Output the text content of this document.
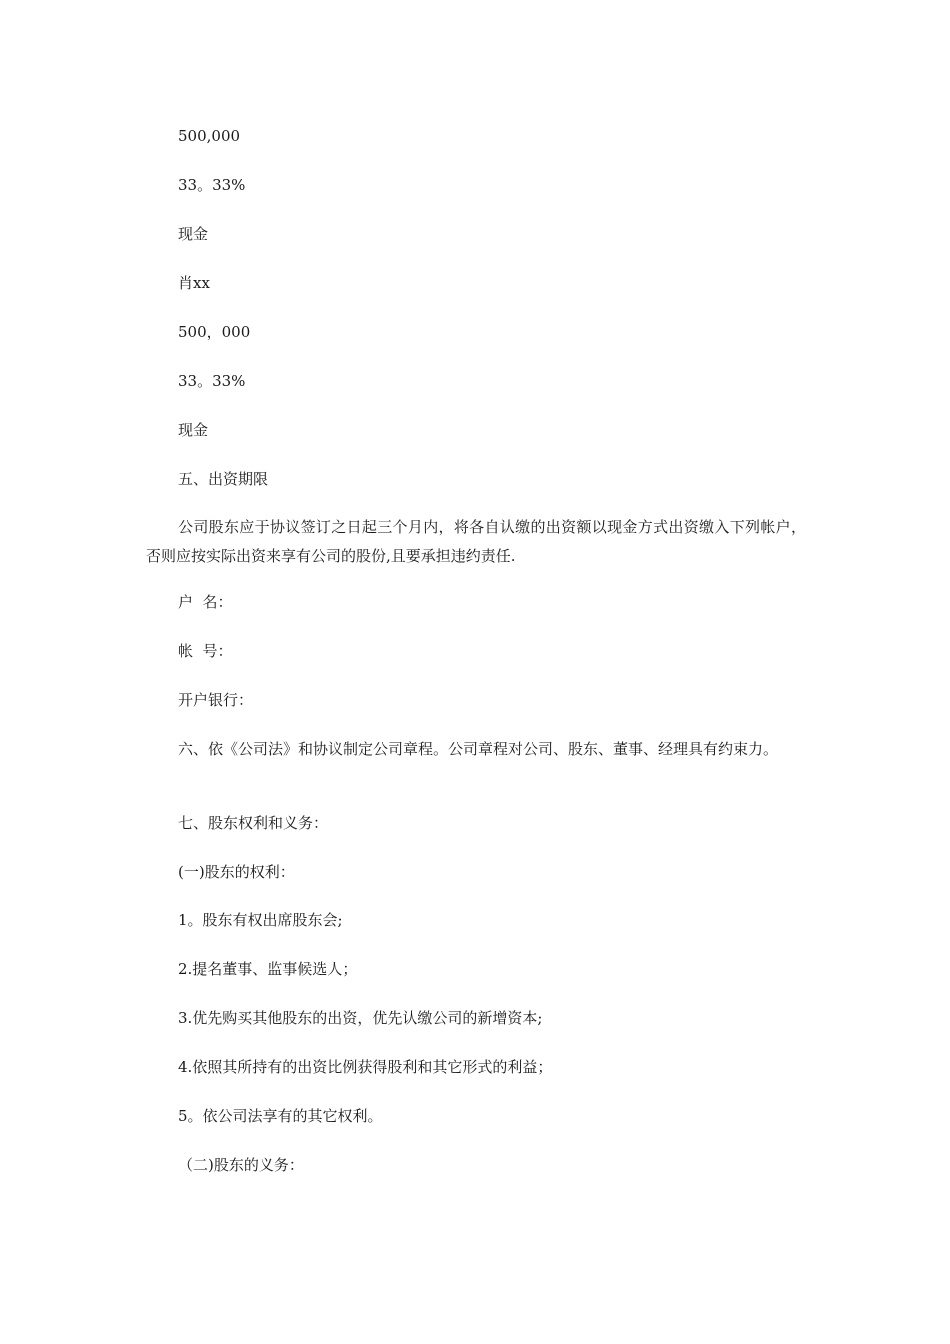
500,000
33。33%
现金
肖xx
500，000
33。33%
现金
五、出资期限
公司股东应于协议签订之日起三个月内，将各自认缴的出资额以现金方式出资缴入下列帐户，否则应按实际出资来享有公司的股份,且要承担违约责任.
户  名：
帐  号：
开户银行：
六、依《公司法》和协议制定公司章程。公司章程对公司、股东、董事、经理具有约束力。
七、股东权利和义务：
(一)股东的权利：
1。股东有权出席股东会;
2.提名董事、监事候选人；
3.优先购买其他股东的出资，优先认缴公司的新增资本;
4.依照其所持有的出资比例获得股利和其它形式的利益；
5。依公司法享有的其它权利。
（二)股东的义务：
